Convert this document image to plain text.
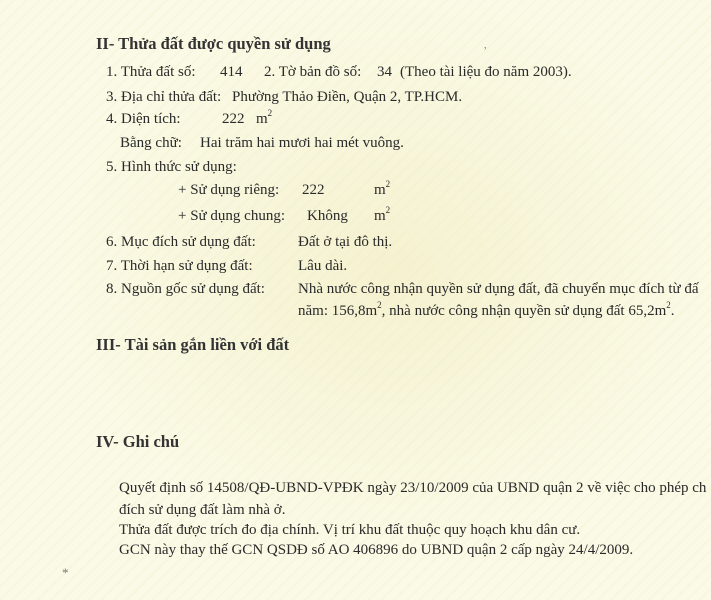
II- Thửa đất được quyền sử dụng
1. Thửa đất số: 414 2. Tờ bản đồ số: 34 (Theo tài liệu đo năm 2003).
3. Địa chỉ thửa đất: Phường Thảo Điền, Quận 2, TP.HCM.
4. Diện tích:	222 $m^2$
Bằng chữ: Hai trăm hai mươi hai mét vuông.
5. Hình thức sử dụng:
+ Sử dụng riêng: 222	$m^2$
+ Sử dụng chung: Không $m^2$
6. Mục đích sử dụng đất:	Đất ở tại đô thị.
7. Thời hạn sử dụng đất:	Lâu dài.
8. Nguồn gốc sử dụng đất: Nhà nước công nhận quyền sử dụng đất, đã chuyển mục đích từ đấ
năm: $156,8m^2$, nhà nước công nhận quyền sử dụng đất $65,2m^2$.
III- Tài sản gắn liền với đất
IV- Ghi chú
Quyết định số 14508/QĐ-UBND-VPĐK ngày 23/10/2009 của UBND quận 2 về việc cho phép ch
đích sử dụng đất làm nhà ở.
Thửa đất được trích đo địa chính. Vị trí khu đất thuộc quy hoạch khu dân cư.
GCN này thay thế GCN QSDĐ số AO 406896 do UBND quận 2 cấp ngày 24/4/2009.
,
*
